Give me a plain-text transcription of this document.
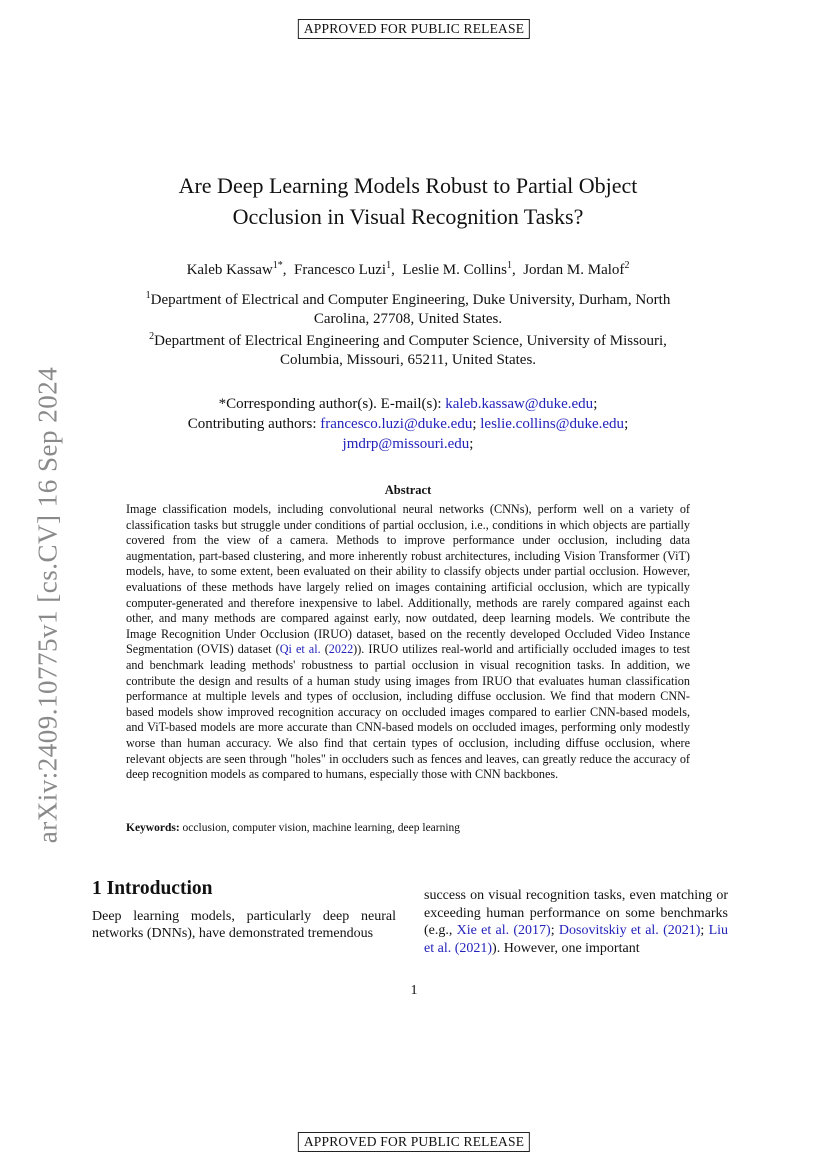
APPROVED FOR PUBLIC RELEASE
arXiv:2409.10775v1 [cs.CV] 16 Sep 2024
Are Deep Learning Models Robust to Partial Object
Occlusion in Visual Recognition Tasks?
Kaleb Kassaw$^{1*}$,  Francesco Luzi$^1$,  Leslie M. Collins$^1$,  Jordan M. Malof$^2$
$^1$Department of Electrical and Computer Engineering, Duke University, Durham, North
Carolina, 27708, United States.
$^2$Department of Electrical Engineering and Computer Science, University of Missouri,
Columbia, Missouri, 65211, United States.
*Corresponding author(s). E-mail(s): kaleb.kassaw@duke.edu;
Contributing authors: francesco.luzi@duke.edu; leslie.collins@duke.edu;
jmdrp@missouri.edu;
Abstract
Image classification models, including convolutional neural networks (CNNs), perform well on a variety of classification tasks but struggle under conditions of partial occlusion, i.e., conditions in which objects are partially covered from the view of a camera. Methods to improve performance under occlusion, including data augmentation, part-based clustering, and more inherently robust architectures, including Vision Transformer (ViT) models, have, to some extent, been evaluated on their ability to classify objects under partial occlusion. However, evaluations of these methods have largely relied on images containing artificial occlusion, which are typically computer-generated and therefore inexpensive to label. Additionally, methods are rarely compared against each other, and many methods are compared against early, now outdated, deep learning models. We contribute the Image Recognition Under Occlusion (IRUO) dataset, based on the recently developed Occluded Video Instance Segmentation (OVIS) dataset (Qi et al. (2022)). IRUO utilizes real-world and artificially occluded images to test and benchmark leading methods' robustness to partial occlusion in visual recognition tasks. In addition, we contribute the design and results of a human study using images from IRUO that evaluates human classification performance at multiple levels and types of occlusion, including diffuse occlusion. We find that modern CNN-based models show improved recognition accuracy on occluded images compared to earlier CNN-based models, and ViT-based models are more accurate than CNN-based models on occluded images, performing only modestly worse than human accuracy. We also find that certain types of occlusion, including diffuse occlusion, where relevant objects are seen through "holes" in occluders such as fences and leaves, can greatly reduce the accuracy of deep recognition models as compared to humans, especially those with CNN backbones.
Keywords: occlusion, computer vision, machine learning, deep learning
1 Introduction

Deep learning models, particularly deep neural networks (DNNs), have demonstrated tremendous

success on visual recognition tasks, even matching or exceeding human performance on some benchmarks (e.g., Xie et al. (2017); Dosovitskiy et al. (2021); Liu et al. (2021)). However, one important
1
APPROVED FOR PUBLIC RELEASE
